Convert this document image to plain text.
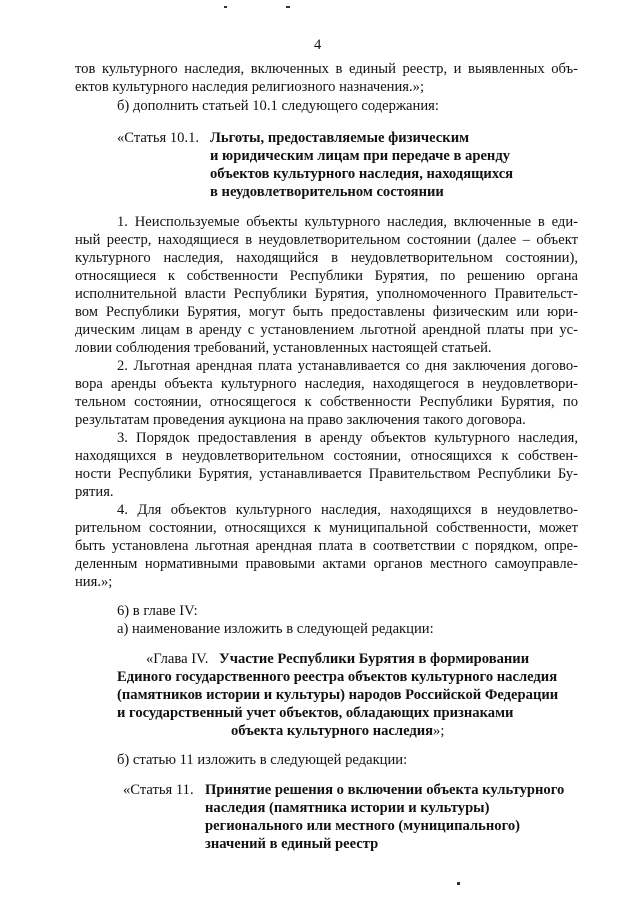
4
тов культурного наследия, включенных в единый реестр, и выявленных объ-
ектов культурного наследия религиозного назначения.»;
б) дополнить статьей 10.1 следующего содержания:
«Статья 10.1. Льготы, предоставляемые физическим
и юридическим лицам при передаче в аренду
объектов культурного наследия, находящихся
в неудовлетворительном состоянии
1. Неиспользуемые объекты культурного наследия, включенные в еди-
ный реестр, находящиеся в неудовлетворительном состоянии (далее – объект
культурного наследия, находящийся в неудовлетворительном состоянии),
относящиеся к собственности Республики Бурятия, по решению органа
исполнительной власти Республики Бурятия, уполномоченного Правительст-
вом Республики Бурятия, могут быть предоставлены физическим или юри-
дическим лицам в аренду с установлением льготной арендной платы при ус-
ловии соблюдения требований, установленных настоящей статьей.
2. Льготная арендная плата устанавливается со дня заключения догово-
вора аренды объекта культурного наследия, находящегося в неудовлетвори-
тельном состоянии, относящегося к собственности Республики Бурятия, по
результатам проведения аукциона на право заключения такого договора.
3. Порядок предоставления в аренду объектов культурного наследия,
находящихся в неудовлетворительном состоянии, относящихся к собствен-
ности Республики Бурятия, устанавливается Правительством Республики Бу-
рятия.
4. Для объектов культурного наследия, находящихся в неудовлетво-
рительном состоянии, относящихся к муниципальной собственности, может
быть установлена льготная арендная плата в соответствии с порядком, опре-
деленным нормативными правовыми актами органов местного самоуправле-
ния.»;
6) в главе IV:
а) наименование изложить в следующей редакции:
«Глава IV. Участие Республики Бурятия в формировании
Единого государственного реестра объектов культурного наследия
(памятников истории и культуры) народов Российской Федерации
и государственный учет объектов, обладающих признаками
объекта культурного наследия»;
б) статью 11 изложить в следующей редакции:
«Статья 11. Принятие решения о включении объекта культурного
наследия (памятника истории и культуры)
регионального или местного (муниципального)
значений в единый реестр
